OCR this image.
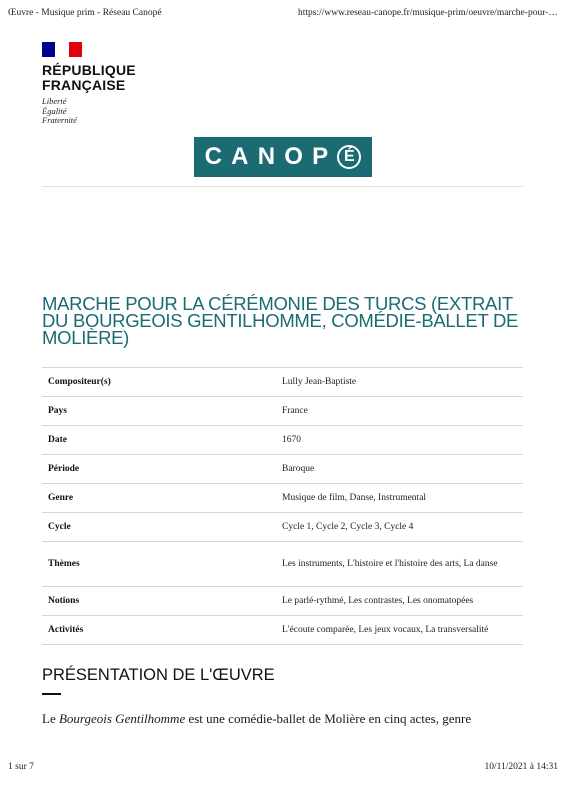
Œuvre - Musique prim - Réseau Canopé	https://www.reseau-canope.fr/musique-prim/oeuvre/marche-pour-l...
RÉPUBLIQUE
FRANÇAISE
Liberté
Égalité
Fraternité
C A N O P É
MARCHE POUR LA CÉRÉMONIE DES TURCS (EXTRAIT DU BOURGEOIS GENTILHOMME, COMÉDIE-BALLET DE MOLIÈRE)
Compositeur(s)	Lully Jean-Baptiste
Pays	France
Date	1670
Période	Baroque
Genre	Musique de film, Danse, Instrumental
Cycle	Cycle 1, Cycle 2, Cycle 3, Cycle 4
Thèmes	Les instruments, L'histoire et l'histoire des arts, La danse
Notions	Le parlé-rythmé, Les contrastes, Les onomatopées
Activités	L'écoute comparée, Les jeux vocaux, La transversalité
PRÉSENTATION DE L'ŒUVRE

Le Bourgeois Gentilhomme est une comédie-ballet de Molière en cinq actes, genre

1 sur 7	10/11/2021 à 14:31
